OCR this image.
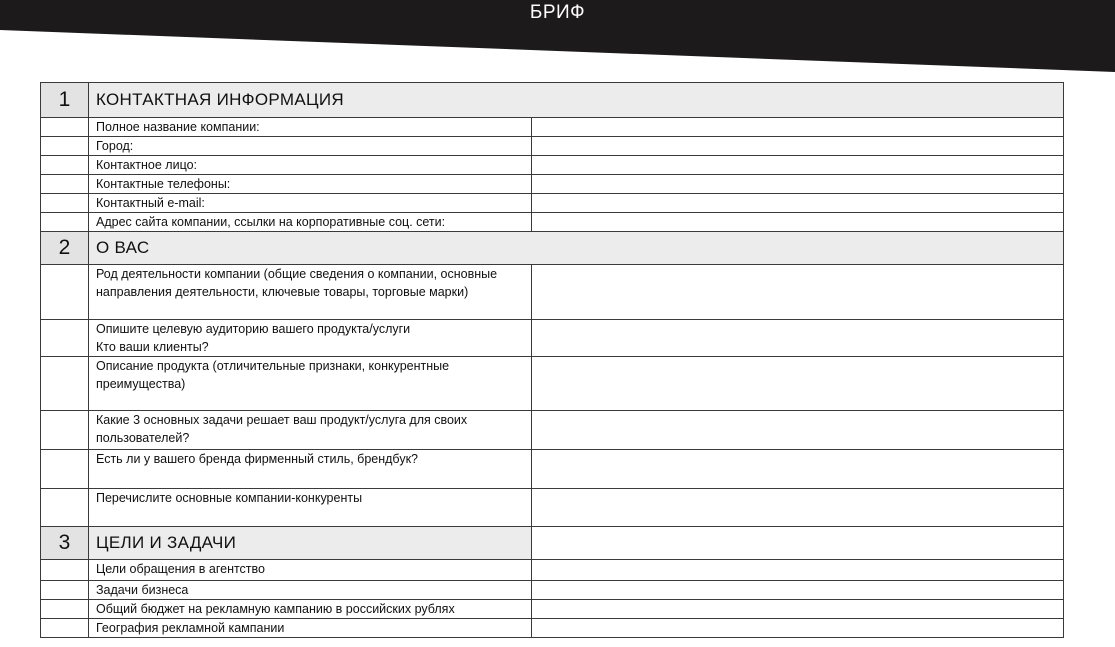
БРИФ
1	КОНТАКТНАЯ ИНФОРМАЦИЯ	
	Полное название компании:	
	Город:	
	Контактное лицо:	
	Контактные телефоны:	
	Контактный e-mail:	
	Адрес сайта компании, ссылки на корпоративные соц. сети:	
2	О ВАС	
	Род деятельности компании (общие сведения о компании, основные направления деятельности, ключевые товары, торговые марки)	
	Опишите целевую аудиторию вашего продукта/услуги
Кто ваши клиенты?	
	Описание продукта (отличительные признаки, конкурентные преимущества)	
	Какие 3 основных задачи решает ваш продукт/услуга для своих пользователей?	
	Есть ли у вашего бренда фирменный стиль, брендбук?	
	Перечислите основные компании-конкуренты	
3	ЦЕЛИ И ЗАДАЧИ	
	Цели обращения в агентство	
	Задачи бизнеса	
	Общий бюджет на рекламную кампанию в российских рублях	
	География рекламной кампании	
